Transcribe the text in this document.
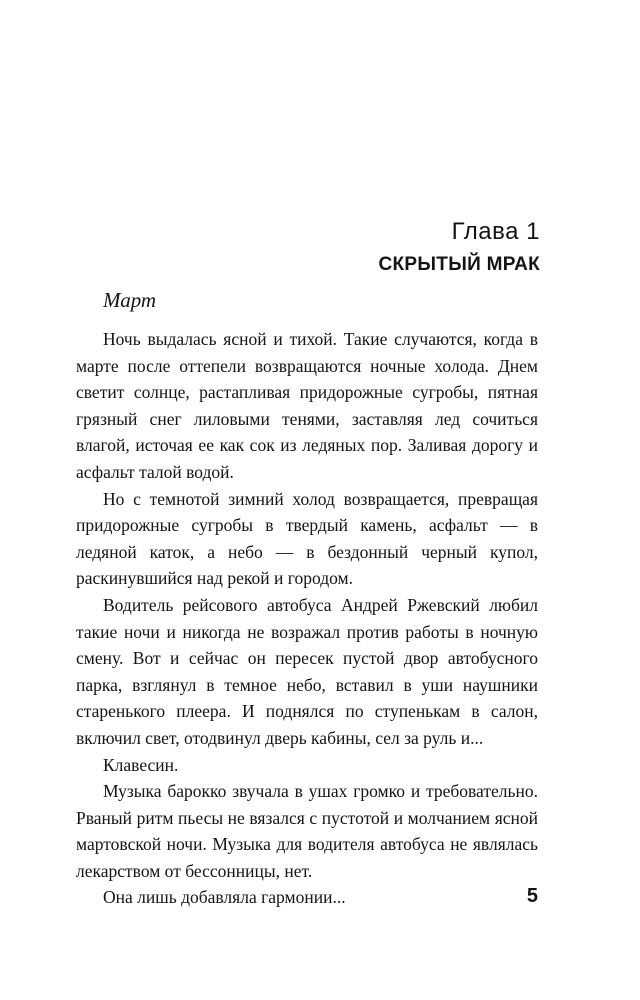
Глава 1
СКРЫТЫЙ МРАК
Март

Ночь выдалась ясной и тихой. Такие случаются, когда в марте после оттепели возвращаются ночные холода. Днем светит солнце, растапливая придорожные сугробы, пятная грязный снег лиловыми тенями, заставляя лед сочиться влагой, источая ее как сок из ледяных пор. Заливая дорогу и асфальт талой водой.

Но с темнотой зимний холод возвращается, превращая придорожные сугробы в твердый камень, асфальт — в ледяной каток, а небо — в бездонный черный купол, раскинувшийся над рекой и городом.

Водитель рейсового автобуса Андрей Ржевский любил такие ночи и никогда не возражал против работы в ночную смену. Вот и сейчас он пересек пустой двор автобусного парка, взглянул в темное небо, вставил в уши наушники старенького плеера. И поднялся по ступенькам в салон, включил свет, отодвинул дверь кабины, сел за руль и...

Клавесин.

Музыка барокко звучала в ушах громко и требовательно. Рваный ритм пьесы не вязался с пустотой и молчанием ясной мартовской ночи. Музыка для водителя автобуса не являлась лекарством от бессонницы, нет.

Она лишь добавляла гармонии...	5
